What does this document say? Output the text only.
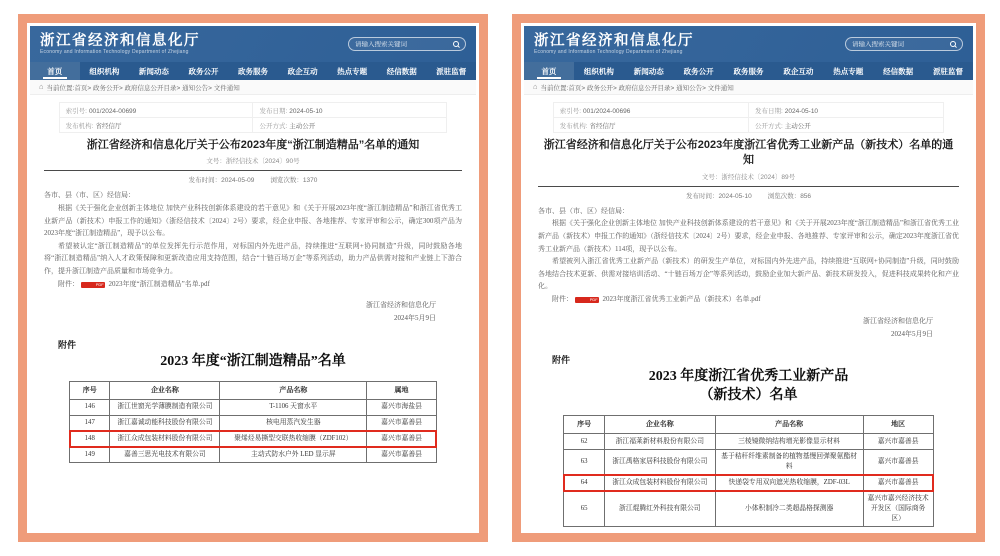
浙江省经济和信息化厅
Economy and Information Technology Department of Zhejiang
请输入搜索关键词
首页	组织机构	新闻动态	政务公开	政务服务	政企互动	热点专题	经信数据	派驻监督
⌂ 当前位置:首页> 政务公开> 政府信息公开目录> 通知公告> 文件通知
索引号: 001/2024-00699	发布日期: 2024-05-10
发布机构: 省经信厅	公开方式: 主动公开
浙江省经济和信息化厅关于公布2023年度“浙江制造精品”名单的通知
文号：浙经信技术〔2024〕90号
发布时间：2024-05-09 浏览次数：1370

各市、县（市、区）经信局：

根据《关于强化企业创新主体地位 加快产业科技创新体系建设的若干意见》和《关于开展2023年度“浙江制造精品”和浙江省优秀工业新产品（新技术）申报工作的通知》（浙经信技术〔2024〕2号）要求，经企业申报、各地推荐、专家评审和公示，确定300项产品为2023年度“浙江制造精品”，现予以公布。

希望被认定“浙江制造精品”的单位发挥先行示范作用，对标国内外先进产品，持续推进“互联网+协同制造”升级，同时鼓励各地将“浙江制造精品”纳入人才政策保障和更新改造应用支持范围，结合“十链百场万企”等系列活动，助力产品供需对接和产业链上下游合作，提升浙江制造产品质量和市场竞争力。

附件：	PDF 2023年度“浙江制造精品”名单.pdf

浙江省经济和信息化厅
2024年5月9日
附件
2023 年度“浙江制造精品”名单
序号	企业名称	产品名称	属地
146	浙江世窗光学薄膜制造有限公司	T-1106 天窗水平	嘉兴市海盐县
147	浙江嘉诚动能科技股份有限公司	核电用蒸汽发生器	嘉兴市嘉善县
148	浙江众成包装材料股份有限公司	聚烯烃易撕型交联热收缩膜（ZDF102）	嘉兴市嘉善县
149	嘉善三思光电技术有限公司	主动式防水户外 LED 显示屏	嘉兴市嘉善县
浙江省经济和信息化厅
Economy and Information Technology Department of Zhejiang
请输入搜索关键词
首页	组织机构	新闻动态	政务公开	政务服务	政企互动	热点专题	经信数据	派驻监督
⌂ 当前位置:首页> 政务公开> 政府信息公开目录> 通知公告> 文件通知
索引号: 001/2024-00696	发布日期: 2024-05-10
发布机构: 省经信厅	公开方式: 主动公开
浙江省经济和信息化厅关于公布2023年度浙江省优秀工业新产品（新技术）名单的通知
文号：浙经信技术〔2024〕89号
发布时间：2024-05-10 浏览次数：856

各市、县（市、区）经信局：

根据《关于强化企业创新主体地位 加快产业科技创新体系建设的若干意见》和《关于开展2023年度“浙江制造精品”和浙江省优秀工业新产品（新技术）申报工作的通知》（浙经信技术〔2024〕2号）要求，经企业申报、各地推荐、专家评审和公示，确定2023年度浙江省优秀工业新产品（新技术）114项，现予以公布。

希望被列入浙江省优秀工业新产品（新技术）的研发生产单位，对标国内外先进产品，持续推进“互联网+协同制造”升级，同时鼓励各地结合技术更新、供需对接培训活动、“十链百场万企”等系列活动，鼓励企业加大新产品、新技术研发投入，促进科技成果转化和产业化。

附件：	PDF 2023年度浙江省优秀工业新产品（新技术）名单.pdf

浙江省经济和信息化厅
2024年5月9日
附件
2023 年度浙江省优秀工业新产品
（新技术）名单
序号	企业名称	产品名称	地区
62	浙江福莱新材料股份有限公司	三棱镜微纳结构增光影像显示材料	嘉兴市嘉善县
63	浙江禹格家居科技股份有限公司	基于秸秆纤维素制备的植物基慢回弹聚氨酯材料	嘉兴市嘉善县
64	浙江众成包装材料股份有限公司	快递袋专用双向遮光热收缩膜，ZDF-03L	嘉兴市嘉善县
65	浙江焜腾红外科技有限公司	小体积制冷二类超晶格探测器	嘉兴市嘉兴经济技术开发区（国际商务区）
